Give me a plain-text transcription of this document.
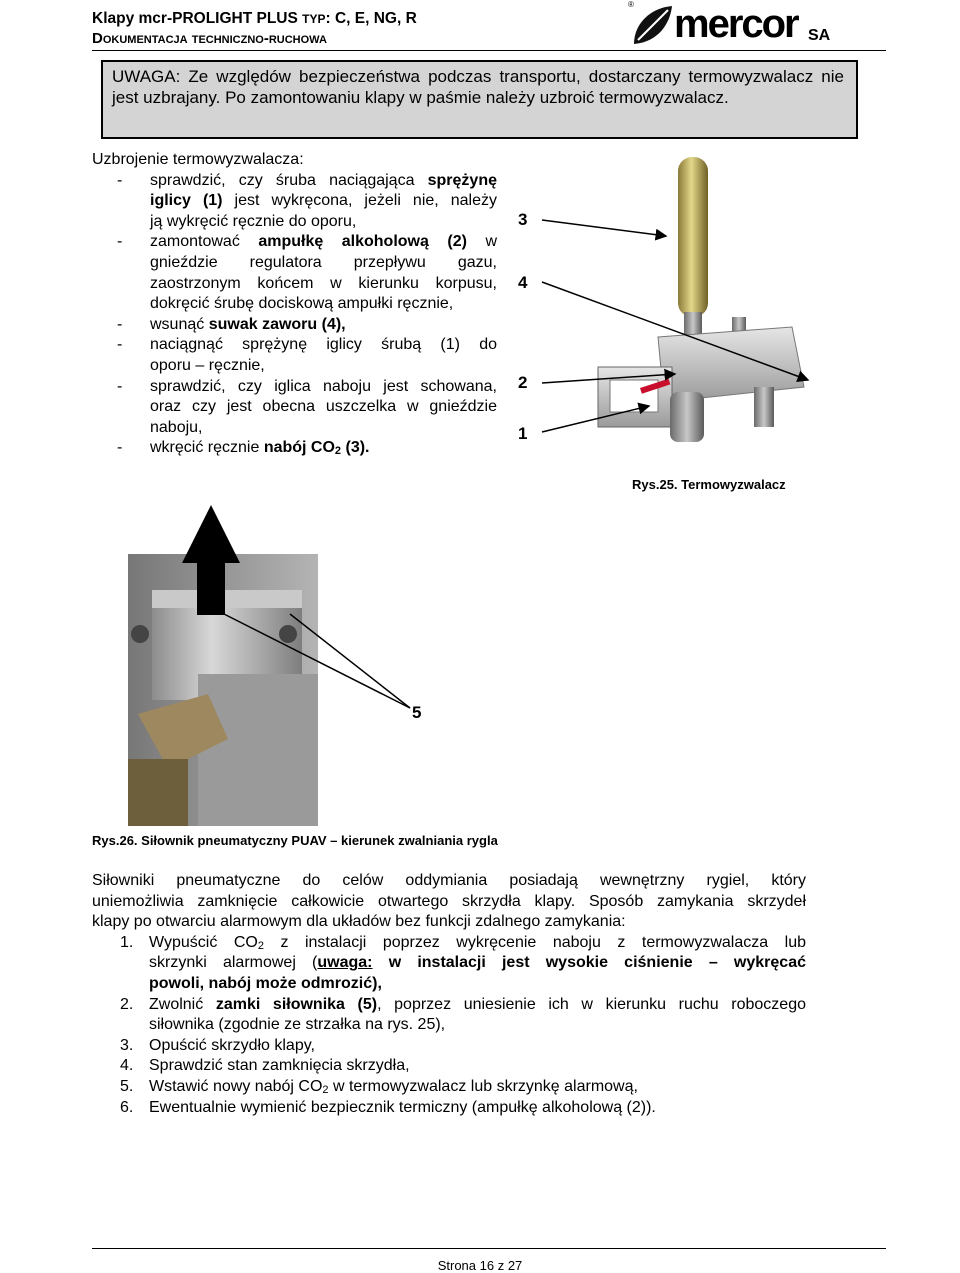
Klapy mcr-PROLIGHT PLUS TYP: C, E, NG, R
Dokumentacja techniczno-ruchowa
® mercor SA
UWAGA: Ze względów bezpieczeństwa podczas transportu, dostarczany termowyzwalacz nie jest uzbrajany. Po zamontowaniu klapy w paśmie należy uzbroić termowyzwalacz.
Uzbrojenie termowyzwalacza:
- sprawdzić, czy śruba naciągająca sprężynę
iglicy (1) jest wykręcona, jeżeli nie, należy
ją wykręcić ręcznie do oporu,
- zamontować ampułkę alkoholową (2) w
gnieździe regulatora przepływu gazu,
zaostrzonym końcem w kierunku korpusu,
dokręcić śrubę dociskową ampułki ręcznie,
- wsunąć suwak zaworu (4),
- naciągnąć sprężynę iglicy śrubą (1) do
oporu – ręcznie,
- sprawdzić, czy iglica naboju jest schowana,
oraz czy jest obecna uszczelka w gnieździe
naboju,
- wkręcić ręcznie nabój $CO_2$ (3).
3
4
2
1
Rys.25. Termowyzwalacz
5
Rys.26. Siłownik pneumatyczny PUAV – kierunek zwalniania rygla
Siłowniki pneumatyczne do celów oddymiania posiadają wewnętrzny rygiel, który
uniemożliwia zamknięcie całkowicie otwartego skrzydła klapy. Sposób zamykania skrzydeł
klapy po otwarciu alarmowym dla układów bez funkcji zdalnego zamykania:
1. Wypuścić $CO_2$ z instalacji poprzez wykręcenie naboju z termowyzwalacza lub
skrzynki alarmowej (uwaga: w instalacji jest wysokie ciśnienie – wykręcać
powoli, nabój może odmrozić),
2. Zwolnić zamki siłownika (5), poprzez uniesienie ich w kierunku ruchu roboczego
siłownika (zgodnie ze strzałka na rys. 25),
3. Opuścić skrzydło klapy,
4. Sprawdzić stan zamknięcia skrzydła,
5. Wstawić nowy nabój $CO_2$ w termowyzwalacz lub skrzynkę alarmową,
6. Ewentualnie wymienić bezpiecznik termiczny (ampułkę alkoholową (2)).
Strona 16 z 27
